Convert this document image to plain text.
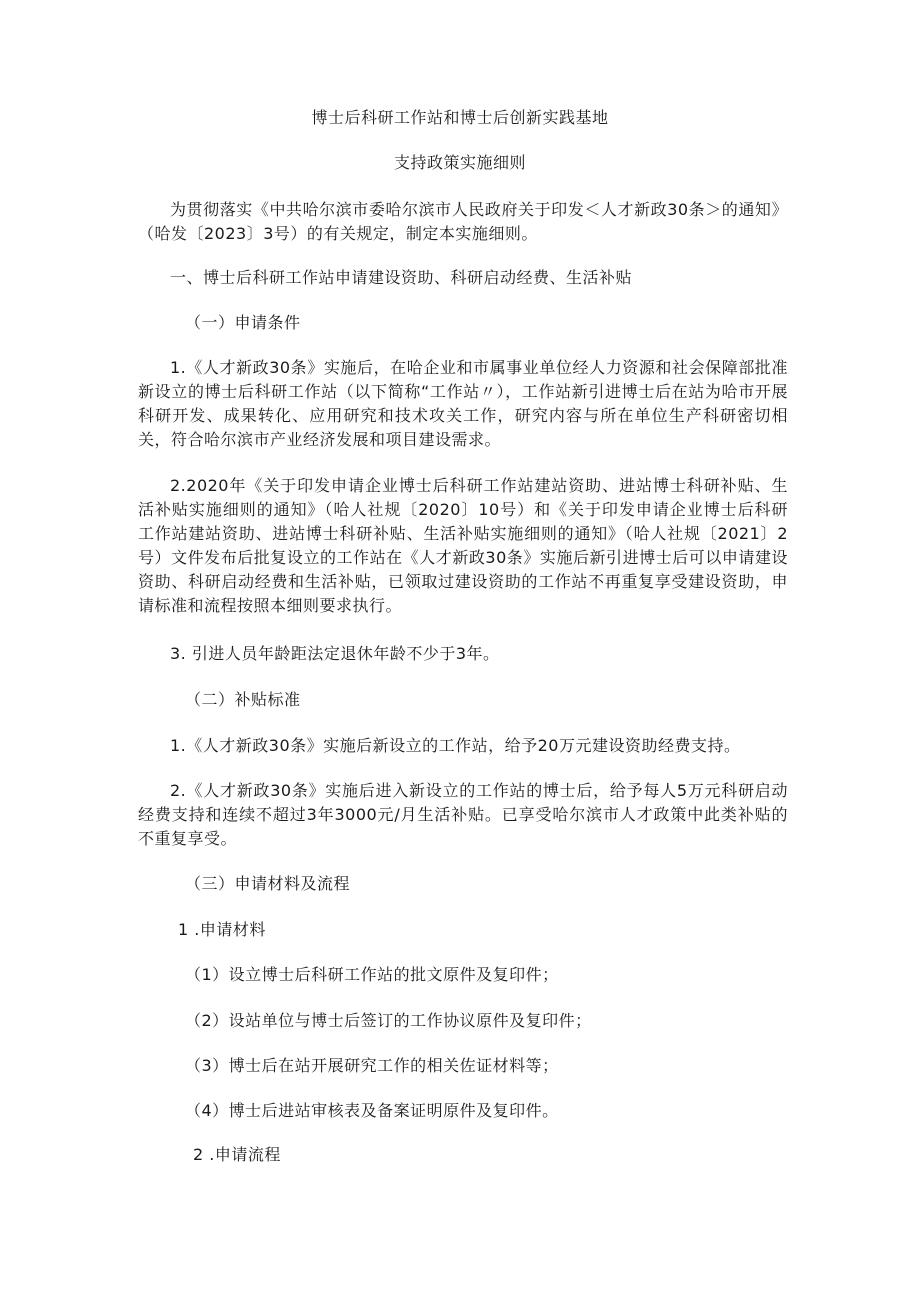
博士后科研工作站和博士后创新实践基地
支持政策实施细则

为贯彻落实《中共哈尔滨市委哈尔滨市人民政府关于印发＜人才新政30条＞的通知》（哈发〔2023〕3号）的有关规定，制定本实施细则。

一、博士后科研工作站申请建设资助、科研启动经费、生活补贴
（一）申请条件

1.《人才新政30条》实施后，在哈企业和市属事业单位经人力资源和社会保障部批准新设立的博士后科研工作站（以下简称“工作站〃），工作站新引进博士后在站为哈市开展科研开发、成果转化、应用研究和技术攻关工作，研究内容与所在单位生产科研密切相关，符合哈尔滨市产业经济发展和项目建设需求。

2.2020年《关于印发申请企业博士后科研工作站建站资助、进站博士科研补贴、生活补贴实施细则的通知》（哈人社规〔2020〕10号）和《关于印发申请企业博士后科研工作站建站资助、进站博士科研补贴、生活补贴实施细则的通知》（哈人社规〔2021〕2号）文件发布后批复设立的工作站在《人才新政30条》实施后新引进博士后可以申请建设资助、科研启动经费和生活补贴，已领取过建设资助的工作站不再重复享受建设资助，申请标准和流程按照本细则要求执行。

3. 引进人员年龄距法定退休年龄不少于3年。
（二）补贴标准
1.《人才新政30条》实施后新设立的工作站，给予20万元建设资助经费支持。

2.《人才新政30条》实施后进入新设立的工作站的博士后，给予每人5万元科研启动经费支持和连续不超过3年3000元/月生活补贴。已享受哈尔滨市人才政策中此类补贴的不重复享受。

（三）申请材料及流程
1 .申请材料
（1）设立博士后科研工作站的批文原件及复印件；
（2）设站单位与博士后签订的工作协议原件及复印件；
（3）博士后在站开展研究工作的相关佐证材料等；
（4）博士后进站审核表及备案证明原件及复印件。
2 .申请流程
